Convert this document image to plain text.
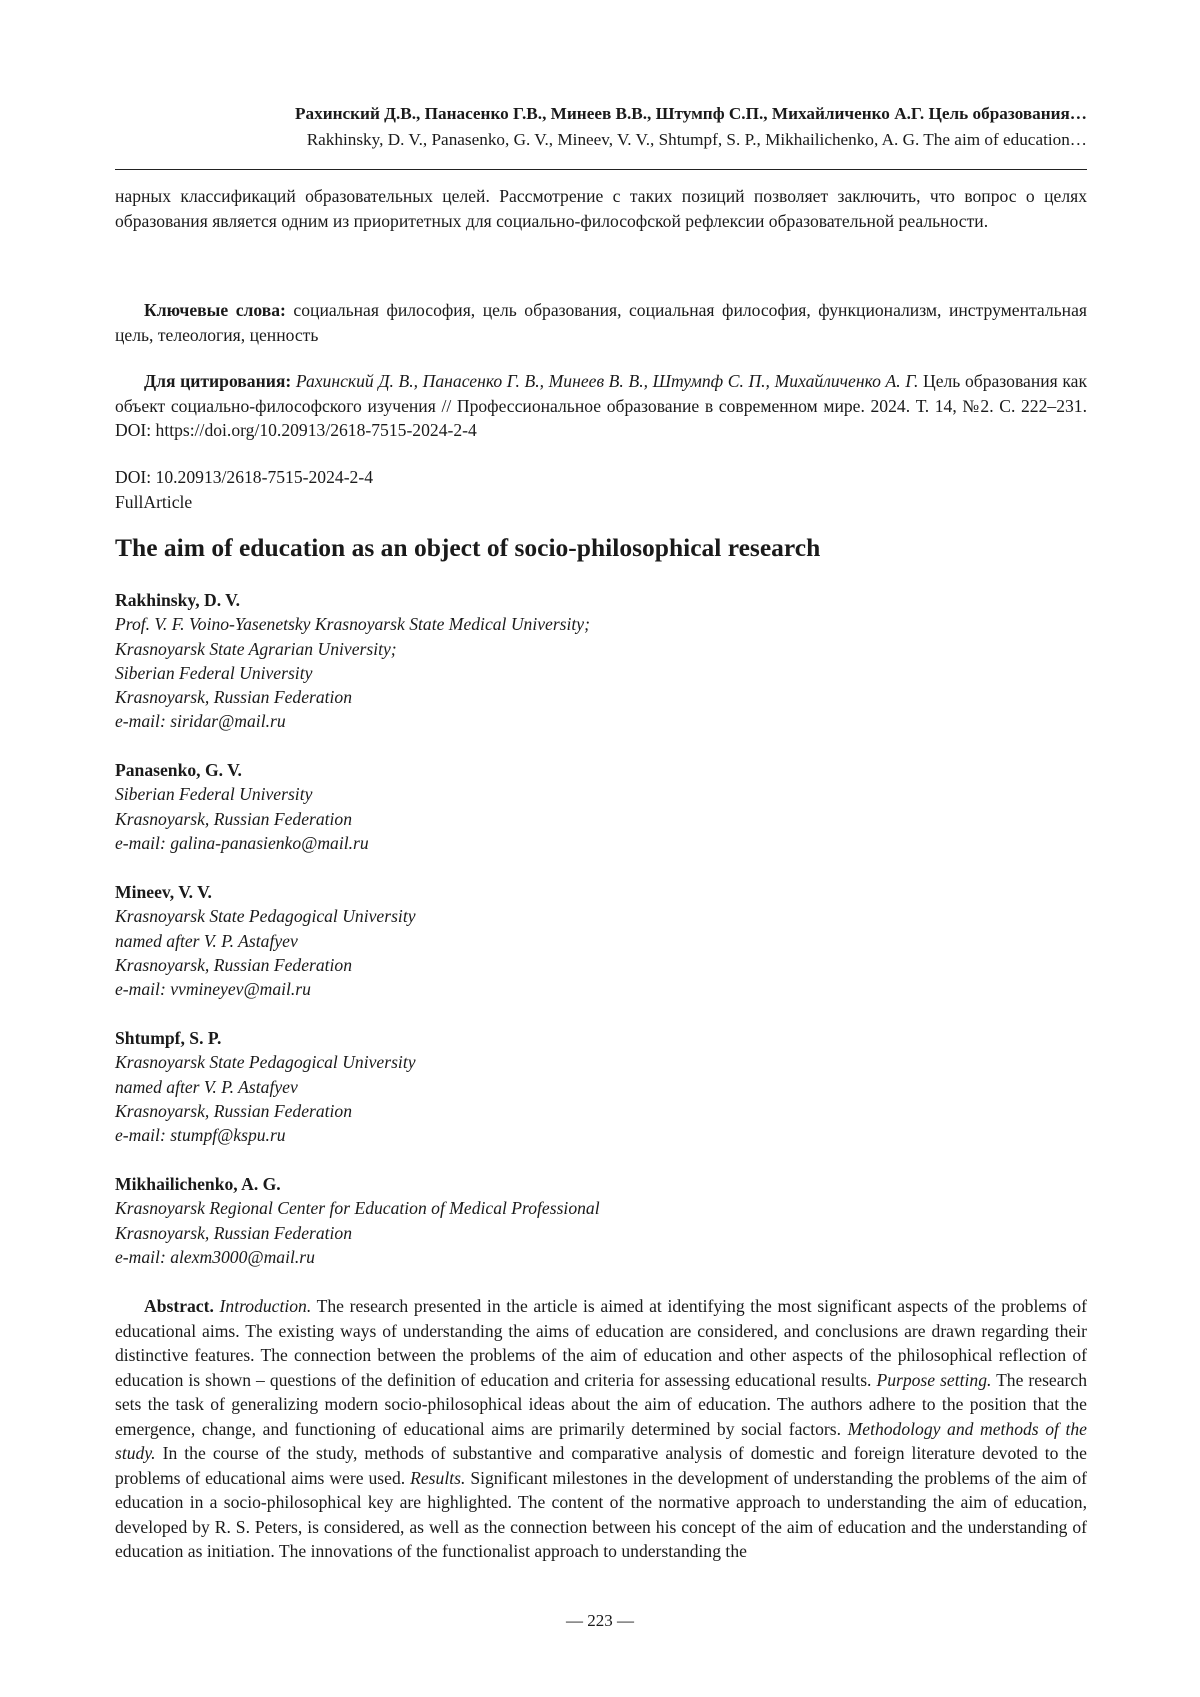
Рахинский Д.В., Панасенко Г.В., Минеев В.В., Штумпф С.П., Михайличенко А.Г. Цель образования…
Rakhinsky, D. V., Panasenko, G. V., Mineev, V. V., Shtumpf, S. P., Mikhailichenko, A. G. The aim of education…
нарных классификаций образовательных целей. Рассмотрение с таких позиций позволяет заключить, что вопрос о целях образования является одним из приоритетных для социально-философской рефлексии образовательной реальности.
Ключевые слова: социальная философия, цель образования, социальная философия, функционализм, инструментальная цель, телеология, ценность
Для цитирования: Рахинский Д. В., Панасенко Г. В., Минеев В. В., Штумпф С. П., Михайличенко А. Г. Цель образования как объект социально-философского изучения // Профессиональное образование в современном мире. 2024. Т. 14, №2. С. 222–231. DOI: https://doi.org/10.20913/2618-7515-2024-2-4
DOI: 10.20913/2618-7515-2024-2-4
FullArticle
The aim of education as an object of socio-philosophical research
Rakhinsky, D. V.
Prof. V. F. Voino-Yasenetsky Krasnoyarsk State Medical University;
Krasnoyarsk State Agrarian University;
Siberian Federal University
Krasnoyarsk, Russian Federation
e-mail: siridar@mail.ru
Panasenko, G. V.
Siberian Federal University
Krasnoyarsk, Russian Federation
e-mail: galina-panasienko@mail.ru
Mineev, V. V.
Krasnoyarsk State Pedagogical University
named after V. P. Astafyev
Krasnoyarsk, Russian Federation
e-mail: vvmineyev@mail.ru
Shtumpf, S. P.
Krasnoyarsk State Pedagogical University
named after V. P. Astafyev
Krasnoyarsk, Russian Federation
e-mail: stumpf@kspu.ru
Mikhailichenko, A. G.
Krasnoyarsk Regional Center for Education of Medical Professional
Krasnoyarsk, Russian Federation
e-mail: alexm3000@mail.ru
Abstract. Introduction. The research presented in the article is aimed at identifying the most significant aspects of the problems of educational aims. The existing ways of understanding the aims of education are considered, and conclusions are drawn regarding their distinctive features. The connection between the problems of the aim of education and other aspects of the philosophical reflection of education is shown – questions of the definition of education and criteria for assessing educational results. Purpose setting. The research sets the task of generalizing modern socio-philosophical ideas about the aim of education. The authors adhere to the position that the emergence, change, and functioning of educational aims are primarily determined by social factors. Methodology and methods of the study. In the course of the study, methods of substantive and comparative analysis of domestic and foreign literature devoted to the problems of educational aims were used. Results. Significant milestones in the development of understanding the problems of the aim of education in a socio-philosophical key are highlighted. The content of the normative approach to understanding the aim of education, developed by R. S. Peters, is considered, as well as the connection between his concept of the aim of education and the understanding of education as initiation. The innovations of the functionalist approach to understanding the
— 223 —
